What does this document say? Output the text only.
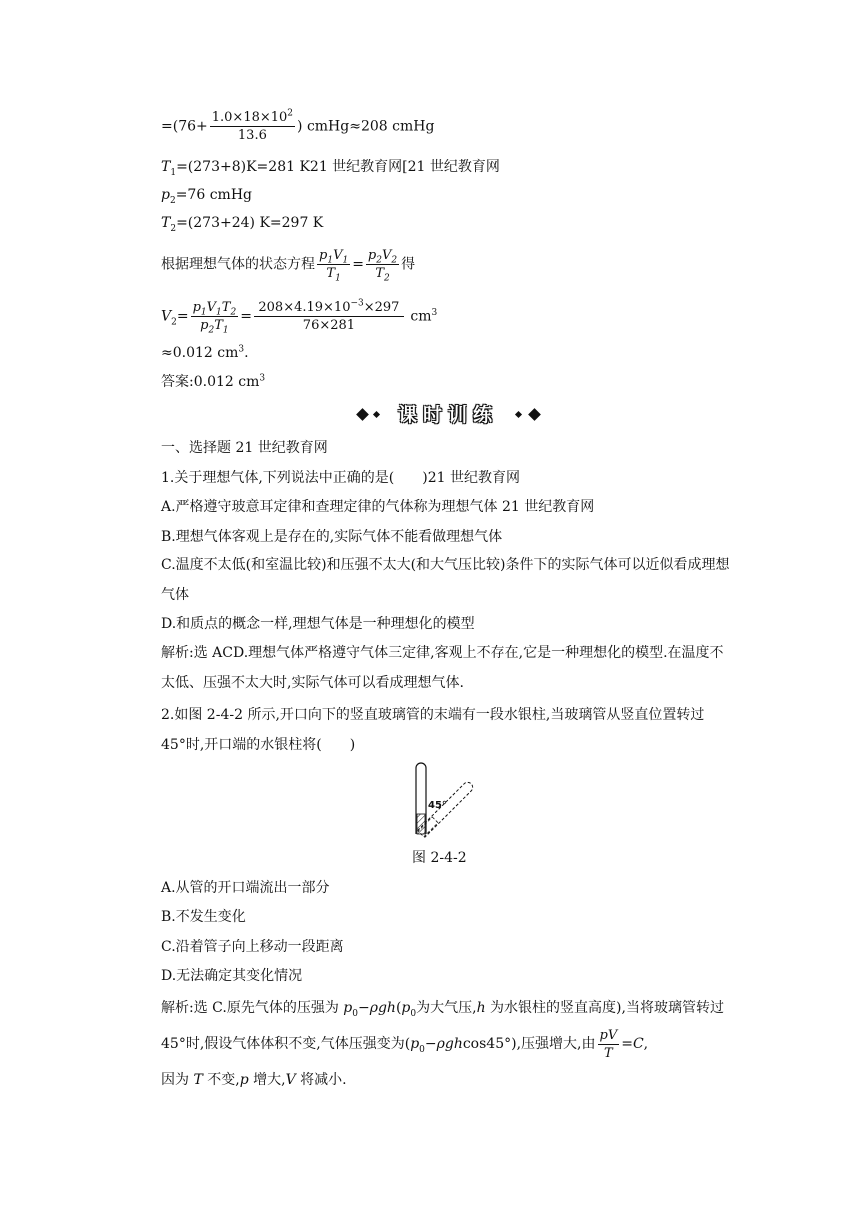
$=(76+ \frac{1.0\times 18\times 10^2}{13.6}$ ) cmHg≈208 cmHg
$T_1=(273+8)K=281$ K21 世纪教育网[21 世纪教育网
$p_2=76$ cmHg
$T_2=(273+24)$ K=297 K
根据理想气体的状态方程 $\frac{p_1V_1}{T_1} = \frac{p_2V_2}{T_2}$ 得
$V_2= \frac{p_1V_1T_2}{p_2T_1} = \frac{208\times 4.19\times 10^{-3}\times 297}{76\times 281} cm^3$
≈0.012 $cm^3$.
答案:0.012 $cm^3$
课时训练
一、选择题 21 世纪教育网
1.关于理想气体,下列说法中正确的是(　　)21 世纪教育网
A.严格遵守玻意耳定律和查理定律的气体称为理想气体 21 世纪教育网
B.理想气体客观上是存在的,实际气体不能看做理想气体
C.温度不太低(和室温比较)和压强不太大(和大气压比较)条件下的实际气体可以近似看成理想气体
D.和质点的概念一样,理想气体是一种理想化的模型
解析:选 ACD.理想气体严格遵守气体三定律,客观上不存在,它是一种理想化的模型.在温度不太低、压强不太大时,实际气体可以看成理想气体.
2.如图 2-4-2 所示,开口向下的竖直玻璃管的末端有一段水银柱,当玻璃管从竖直位置转过 45°时,开口端的水银柱将(　　)
45°
图 2-4-2
A.从管的开口端流出一部分
B.不发生变化
C.沿着管子向上移动一段距离
D.无法确定其变化情况
解析:选 C.原先气体的压强为 $p_0-\rho gh(p_0$为大气压,h 为水银柱的竖直高度),当将玻璃管转过 45°时,假设气体体积不变,气体压强变为$(p_0-\rho ghcos45^\circ)$,压强增大,由 $\frac{pV}{T} =C$,
因为 T 不变,p 增大,V 将减小.
